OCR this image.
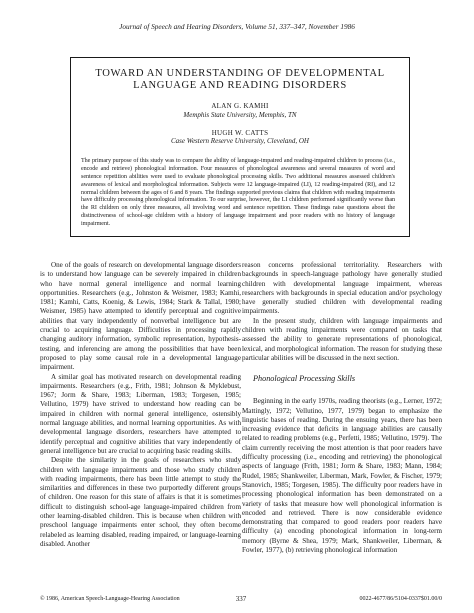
Journal of Speech and Hearing Disorders, Volume 51, 337–347, November 1986
TOWARD AN UNDERSTANDING OF DEVELOPMENTAL LANGUAGE AND READING DISORDERS
ALAN G. KAMHI
Memphis State University, Memphis, TN
HUGH W. CATTS
Case Western Reserve University, Cleveland, OH
The primary purpose of this study was to compare the ability of language-impaired and reading-impaired children to process (i.e., encode and retrieve) phonological information. Four measures of phonological awareness and several measures of word and sentence repetition abilities were used to evaluate phonological processing skills. Two additional measures assessed children's awareness of lexical and morphological information. Subjects were 12 language-impaired (LI), 12 reading-impaired (RI), and 12 normal children between the ages of 6 and 8 years. The findings supported previous claims that children with reading impairments have difficulty processing phonological information. To our surprise, however, the LI children performed significantly worse than the RI children on only three measures, all involving word and sentence repetition. These findings raise questions about the distinctiveness of school-age children with a history of language impairment and poor readers with no history of language impairment.

One of the goals of research on developmental language disorders is to understand how language can be severely impaired in children who have normal general intelligence and normal learning opportunities. Researchers (e.g., Johnston & Weismer, 1983; Kamhi, 1981; Kamhi, Catts, Koenig, & Lewis, 1984; Stark & Tallal, 1980; Weismer, 1985) have attempted to identify perceptual and cognitive abilities that vary independently of nonverbal intelligence but are crucial to acquiring language. Difficulties in processing rapidly changing auditory information, symbolic representation, hypothesis-testing, and inferencing are among the possibilities that have been proposed to play some causal role in a developmental language impairment.

A similar goal has motivated research on developmental reading impairments. Researchers (e.g., Frith, 1981; Johnson & Myklebust, 1967; Jorm & Share, 1983; Liberman, 1983; Torgesen, 1985; Vellutino, 1979) have strived to understand how reading can be impaired in children with normal general intelligence, ostensibly normal language abilities, and normal learning opportunities. As with developmental language disorders, researchers have attempted to identify perceptual and cognitive abilities that vary independently of general intelligence but are crucial to acquiring basic reading skills.

Despite the similarity in the goals of researchers who study children with language impairments and those who study children with reading impairments, there has been little attempt to study the similarities and differences in these two purportedly different groups of children. One reason for this state of affairs is that it is sometimes difficult to distinguish school-age language-impaired children from other learning-disabled children. This is because when children with preschool language impairments enter school, they often become relabeled as learning disabled, reading impaired, or language-learning disabled. Another

reason concerns professional territoriality. Researchers with backgrounds in speech-language pathology have generally studied children with developmental language impairment, whereas researchers with backgrounds in special education and/or psychology have generally studied children with developmental reading impairments.

In the present study, children with language impairments and children with reading impairments were compared on tasks that assessed the ability to generate representations of phonological, lexical, and morphological information. The reason for studying these particular abilities will be discussed in the next section.

Phonological Processing Skills

Beginning in the early 1970s, reading theorists (e.g., Lerner, 1972; Mattingly, 1972; Vellutino, 1977, 1979) began to emphasize the linguistic bases of reading. During the ensuing years, there has been increasing evidence that deficits in language abilities are causally related to reading problems (e.g., Perfetti, 1985; Vellutino, 1979). The claim currently receiving the most attention is that poor readers have difficulty processing (i.e., encoding and retrieving) the phonological aspects of language (Frith, 1981; Jorm & Share, 1983; Mann, 1984; Rudel, 1985; Shankweiler, Liberman, Mark, Fowler, & Fischer, 1979; Stanovich, 1985; Torgesen, 1985). The difficulty poor readers have in processing phonological information has been demonstrated on a variety of tasks that measure how well phonological information is encoded and retrieved. There is now considerable evidence demonstrating that compared to good readers poor readers have difficulty (a) encoding phonological information in long-term memory (Byrne & Shea, 1979; Mark, Shankweiler, Liberman, & Fowler, 1977), (b) retrieving phonological information

© 1986, American Speech-Language-Hearing Association	337	0022-4677/86/5104-0337$01.00/0
